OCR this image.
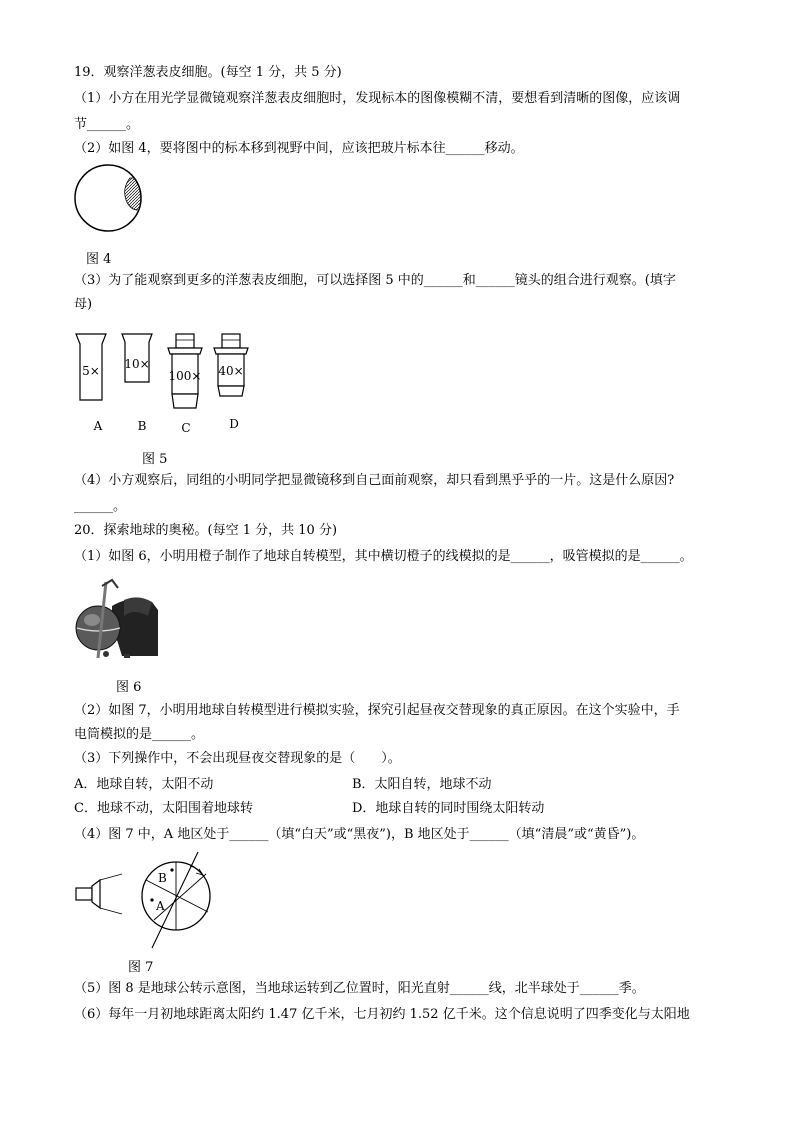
19．观察洋葱表皮细胞。(每空 1 分，共 5 分)
（1）小方在用光学显微镜观察洋葱表皮细胞时，发现标本的图像模糊不清，要想看到清晰的图像，应该调
节______。
（2）如图 4，要将图中的标本移到视野中间，应该把玻片标本往______移动。
图 4
（3）为了能观察到更多的洋葱表皮细胞，可以选择图 5 中的______和______镜头的组合进行观察。(填字
母)
5×
A
10×
B
100×
C
40×
D
图 5
（4）小方观察后，同组的小明同学把显微镜移到自己面前观察，却只看到黑乎乎的一片。这是什么原因?
______。
20．探索地球的奥秘。(每空 1 分，共 10 分)
（1）如图 6，小明用橙子制作了地球自转模型，其中横切橙子的线模拟的是______，吸管模拟的是______。
图 6
（2）如图 7，小明用地球自转模型进行模拟实验，探究引起昼夜交替现象的真正原因。在这个实验中，手
电筒模拟的是______。
（3）下列操作中，不会出现昼夜交替现象的是（　　）。
A．地球自转，太阳不动	B．太阳自转，地球不动
C．地球不动，太阳围着地球转	D．地球自转的同时围绕太阳转动
（4）图 7 中，A 地区处于______（填“白天”或“黑夜”)，B 地区处于______（填“清晨”或“黄昏”)。
B
A
图 7
（5）图 8 是地球公转示意图，当地球运转到乙位置时，阳光直射______线，北半球处于______季。
（6）每年一月初地球距离太阳约 1.47 亿千米，七月初约 1.52 亿千米。这个信息说明了四季变化与太阳地
